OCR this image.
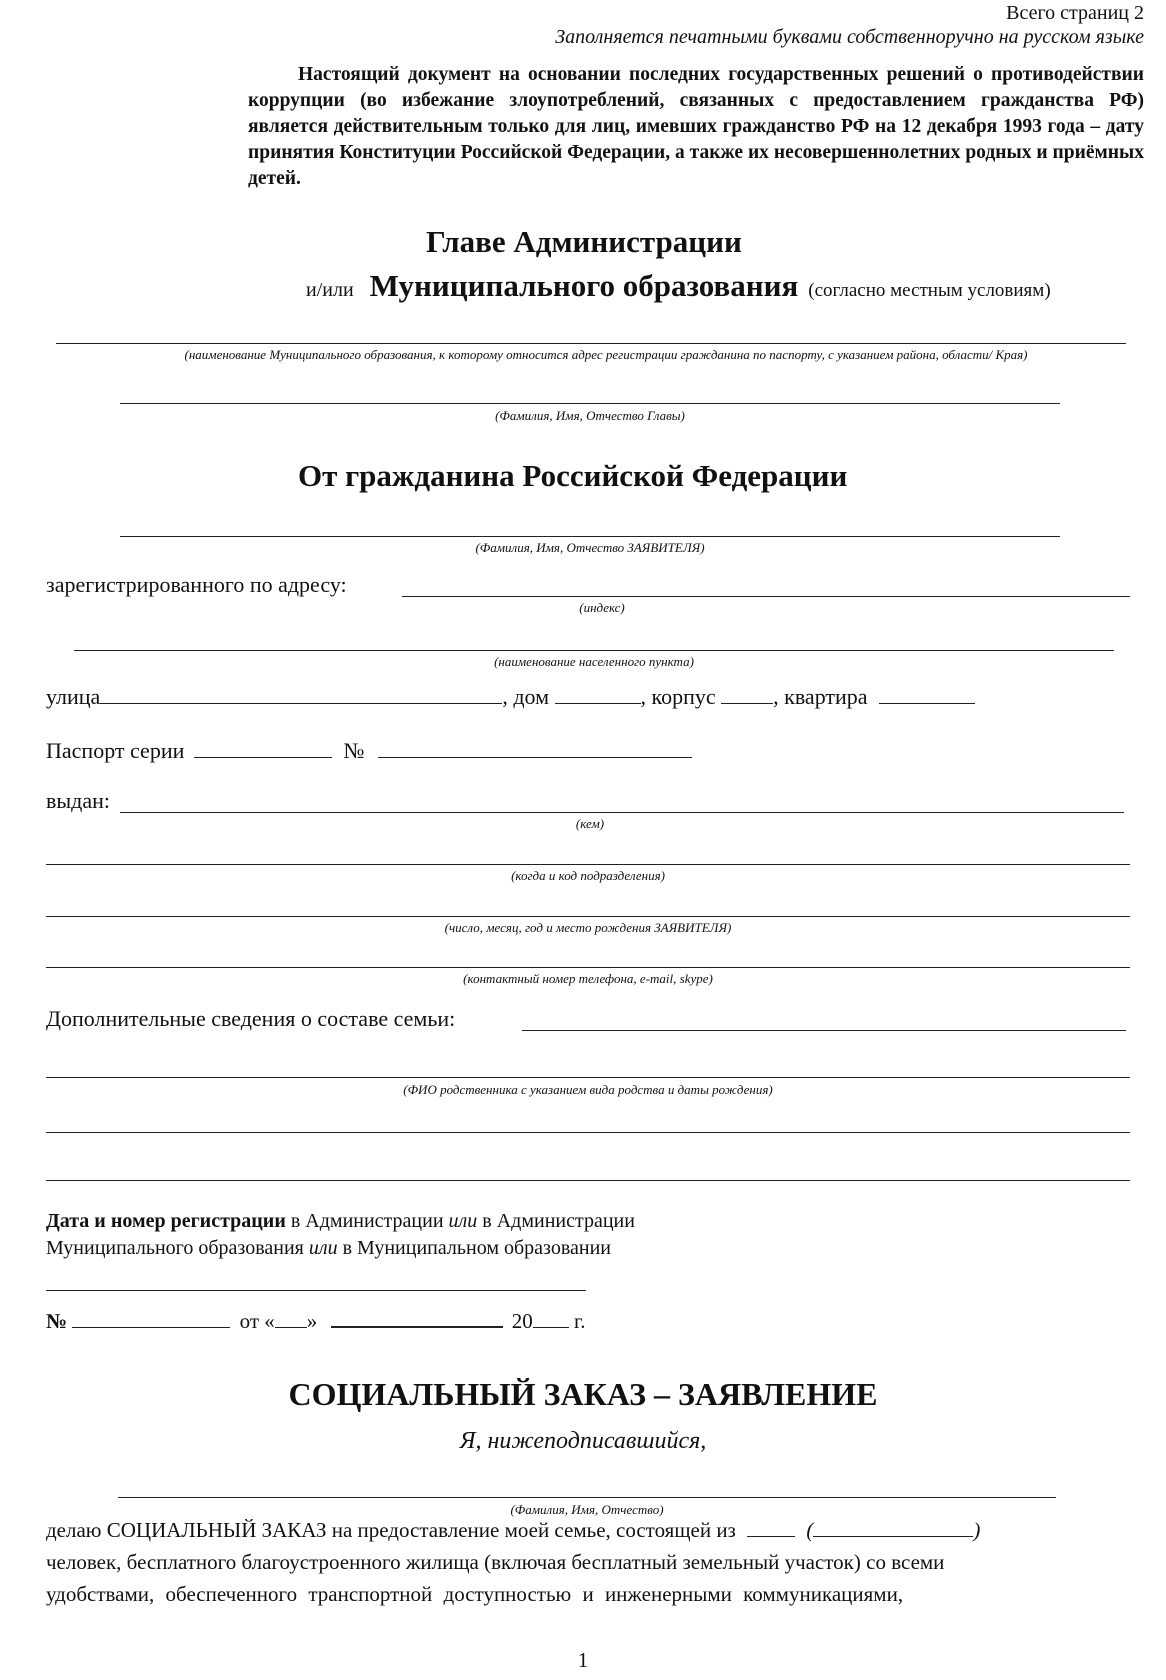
Всего страниц 2
Заполняется печатными буквами собственноручно на русском языке
Настоящий документ на основании последних государственных решений о противодействии коррупции (во избежание злоупотреблений, связанных с предоставлением гражданства РФ) является действительным только для лиц, имевших гражданство РФ на 12 декабря 1993 года – дату принятия Конституции Российской Федерации, а также их несовершеннолетних родных и приёмных детей.
Главе Администрации
и/или Муниципального образования (согласно местным условиям)
(наименование Муниципального образования, к которому относится адрес регистрации гражданина по паспорту, с указанием района, области/ Края)
(Фамилия, Имя, Отчество Главы)
От гражданина Российской Федерации
(Фамилия, Имя, Отчество ЗАЯВИТЕЛЯ)
зарегистрированного по адресу:
(индекс)
(наименование населенного пункта)
улица	, дом	, корпус	, квартира
Паспорт серии	№
выдан:
(кем)
(когда и код подразделения)
(число, месяц, год и место рождения ЗАЯВИТЕЛЯ)
(контактный номер телефона, e-mail, skype)
Дополнительные сведения о составе семьи:
(ФИО родственника с указанием вида родства и даты рождения)
Дата и номер регистрации в Администрации или в Администрации
Муниципального образования или в Муниципальном образовании
№	от « »	20 г.
СОЦИАЛЬНЫЙ ЗАКАЗ – ЗАЯВЛЕНИЕ
Я, нижеподписавшийся,
(Фамилия, Имя, Отчество)
делаю СОЦИАЛЬНЫЙ ЗАКАЗ на предоставление моей семье, состоящей из	(	)
человек, бесплатного благоустроенного жилища (включая бесплатный земельный участок) со всеми
удобствами, обеспеченного транспортной доступностью и инженерными коммуникациями,
1
